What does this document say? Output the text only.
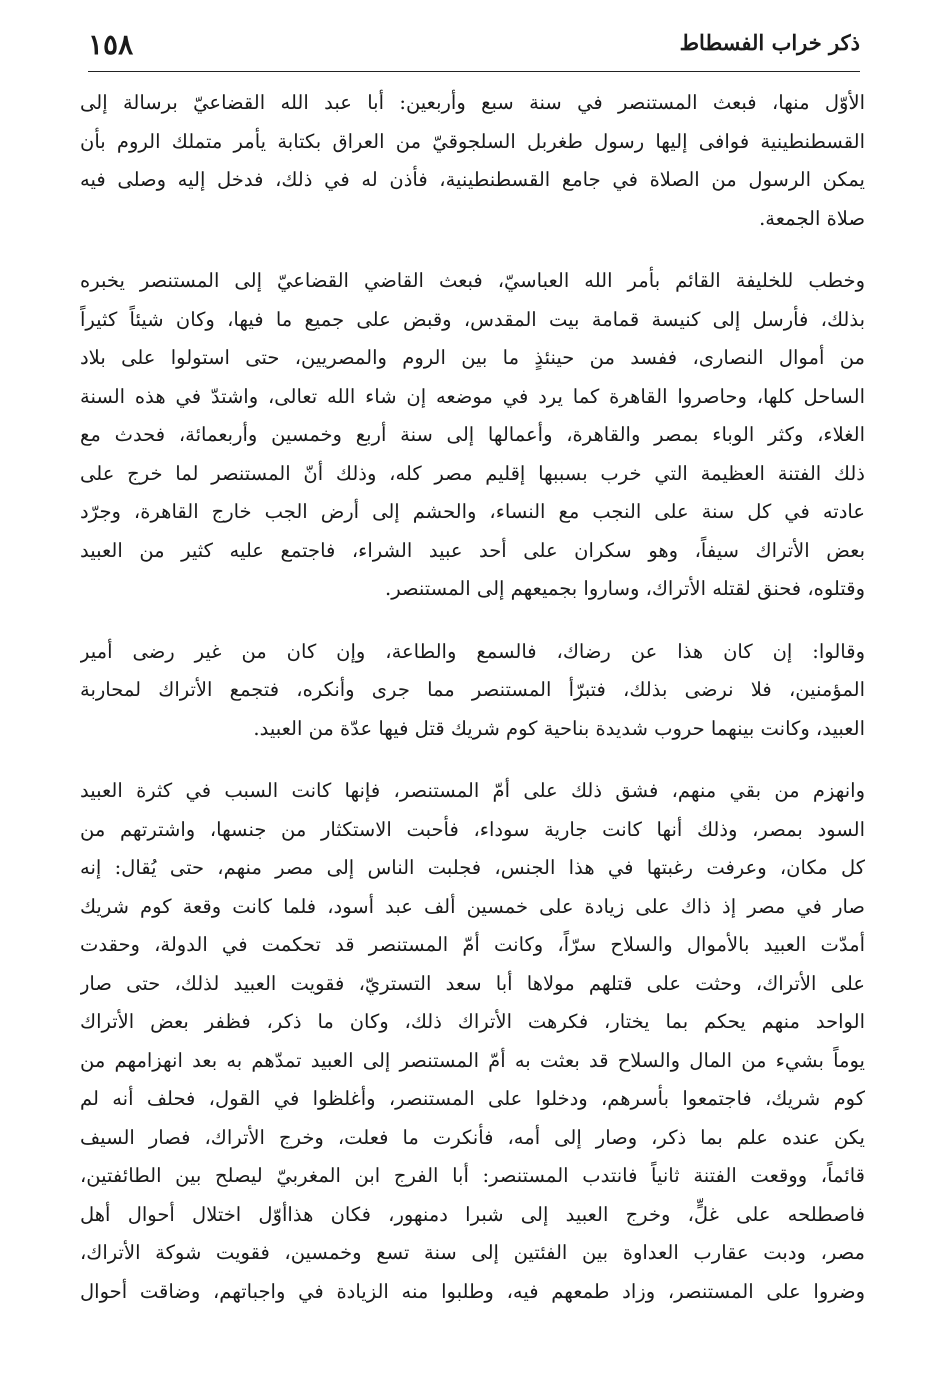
ذكر خراب الفسطاط
١٥٨
الأوّل منها، فبعث المستنصر في سنة سبع وأربعين: أبا عبد الله القضاعيّ برسالة إلى
القسطنطينية فوافى إليها رسول طغربل السلجوقيّ من العراق بكتابة يأمر متملك الروم بأن
يمكن الرسول من الصلاة في جامع القسطنطينية، فأذن له في ذلك، فدخل إليه وصلى فيه
صلاة الجمعة.
وخطب للخليفة القائم بأمر الله العباسيّ، فبعث القاضي القضاعيّ إلى المستنصر يخبره
بذلك، فأرسل إلى كنيسة قمامة بيت المقدس، وقبض على جميع ما فيها، وكان شيئاً كثيراً
من أموال النصارى، ففسد من حينئذٍ ما بين الروم والمصريين، حتى استولوا على بلاد
الساحل كلها، وحاصروا القاهرة كما يرد في موضعه إن شاء الله تعالى، واشتدّ في هذه السنة
الغلاء، وكثر الوباء بمصر والقاهرة، وأعمالها إلى سنة أربع وخمسين وأربعمائة، فحدث مع
ذلك الفتنة العظيمة التي خرب بسببها إقليم مصر كله، وذلك أنّ المستنصر لما خرج على
عادته في كل سنة على النجب مع النساء، والحشم إلى أرض الجب خارج القاهرة، وجرّد
بعض الأتراك سيفاً، وهو سكران على أحد عبيد الشراء، فاجتمع عليه كثير من العبيد
وقتلوه، فحنق لقتله الأتراك، وساروا بجميعهم إلى المستنصر.
وقالوا: إن كان هذا عن رضاك، فالسمع والطاعة، وإن كان من غير رضى أمير
المؤمنين، فلا نرضى بذلك، فتبرّأ المستنصر مما جرى وأنكره، فتجمع الأتراك لمحاربة
العبيد، وكانت بينهما حروب شديدة بناحية كوم شريك قتل فيها عدّة من العبيد.
وانهزم من بقي منهم، فشق ذلك على أمّ المستنصر، فإنها كانت السبب في كثرة العبيد
السود بمصر، وذلك أنها كانت جارية سوداء، فأحبت الاستكثار من جنسها، واشترتهم من
كل مكان، وعرفت رغبتها في هذا الجنس، فجلبت الناس إلى مصر منهم، حتى يُقال: إنه
صار في مصر إذ ذاك على زيادة على خمسين ألف عبد أسود، فلما كانت وقعة كوم شريك
أمدّت العبيد بالأموال والسلاح سرّاً، وكانت أمّ المستنصر قد تحكمت في الدولة، وحقدت
على الأتراك، وحثت على قتلهم مولاها أبا سعد التستريّ، فقويت العبيد لذلك، حتى صار
الواحد منهم يحكم بما يختار، فكرهت الأتراك ذلك، وكان ما ذكر، فظفر بعض الأتراك
يوماً بشيء من المال والسلاح قد بعثت به أمّ المستنصر إلى العبيد تمدّهم به بعد انهزامهم من
كوم شريك، فاجتمعوا بأسرهم، ودخلوا على المستنصر، وأغلظوا في القول، فحلف أنه لم
يكن عنده علم بما ذكر، وصار إلى أمه، فأنكرت ما فعلت، وخرج الأتراك، فصار السيف
قائماً، ووقعت الفتنة ثانياً فانتدب المستنصر: أبا الفرج ابن المغربيّ ليصلح بين الطائفتين،
فاصطلحه على غلٍّ، وخرج العبيد إلى شبرا دمنهور، فكان هذاأوّل اختلال أحوال أهل
مصر، ودبت عقارب العداوة بين الفئتين إلى سنة تسع وخمسين، فقويت شوكة الأتراك،
وضروا على المستنصر، وزاد طمعهم فيه، وطلبوا منه الزيادة في واجباتهم، وضاقت أحوال
